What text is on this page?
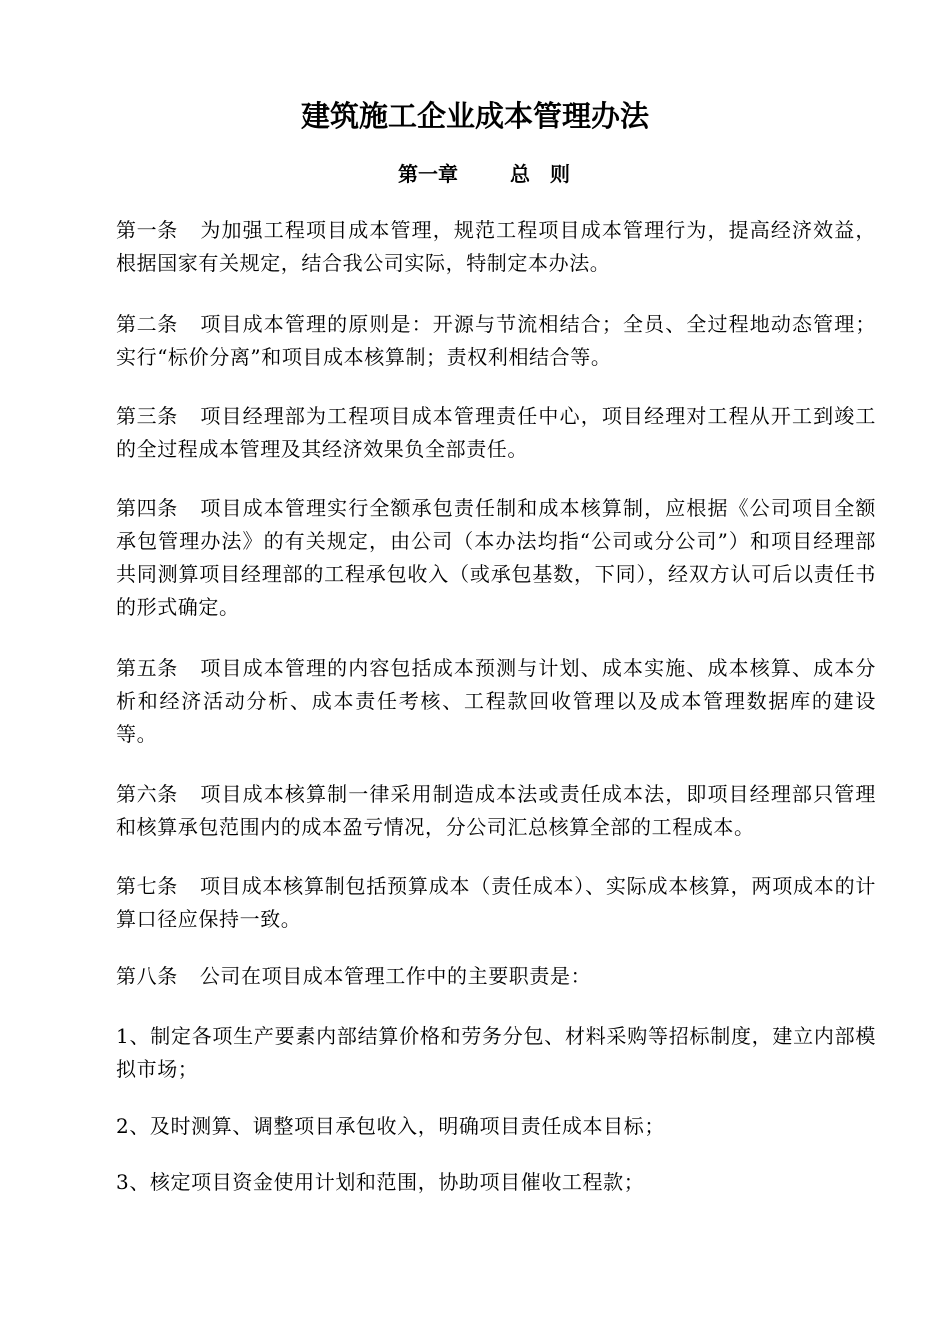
建筑施工企业成本管理办法
第一章	总　则
第一条 为加强工程项目成本管理，规范工程项目成本管理行为，提高经济效益，根据国家有关规定，结合我公司实际，特制定本办法。
第二条 项目成本管理的原则是：开源与节流相结合；全员、全过程地动态管理；实行“标价分离”和项目成本核算制；责权利相结合等。
第三条 项目经理部为工程项目成本管理责任中心，项目经理对工程从开工到竣工的全过程成本管理及其经济效果负全部责任。
第四条 项目成本管理实行全额承包责任制和成本核算制，应根据《公司项目全额承包管理办法》的有关规定，由公司（本办法均指“公司或分公司”）和项目经理部共同测算项目经理部的工程承包收入（或承包基数，下同），经双方认可后以责任书的形式确定。
第五条 项目成本管理的内容包括成本预测与计划、成本实施、成本核算、成本分析和经济活动分析、成本责任考核、工程款回收管理以及成本管理数据库的建设等。
第六条 项目成本核算制一律采用制造成本法或责任成本法，即项目经理部只管理和核算承包范围内的成本盈亏情况，分公司汇总核算全部的工程成本。
第七条 项目成本核算制包括预算成本（责任成本）、实际成本核算，两项成本的计算口径应保持一致。
第八条 公司在项目成本管理工作中的主要职责是：
1、制定各项生产要素内部结算价格和劳务分包、材料采购等招标制度，建立内部模拟市场；
2、及时测算、调整项目承包收入，明确项目责任成本目标；
3、核定项目资金使用计划和范围，协助项目催收工程款；
